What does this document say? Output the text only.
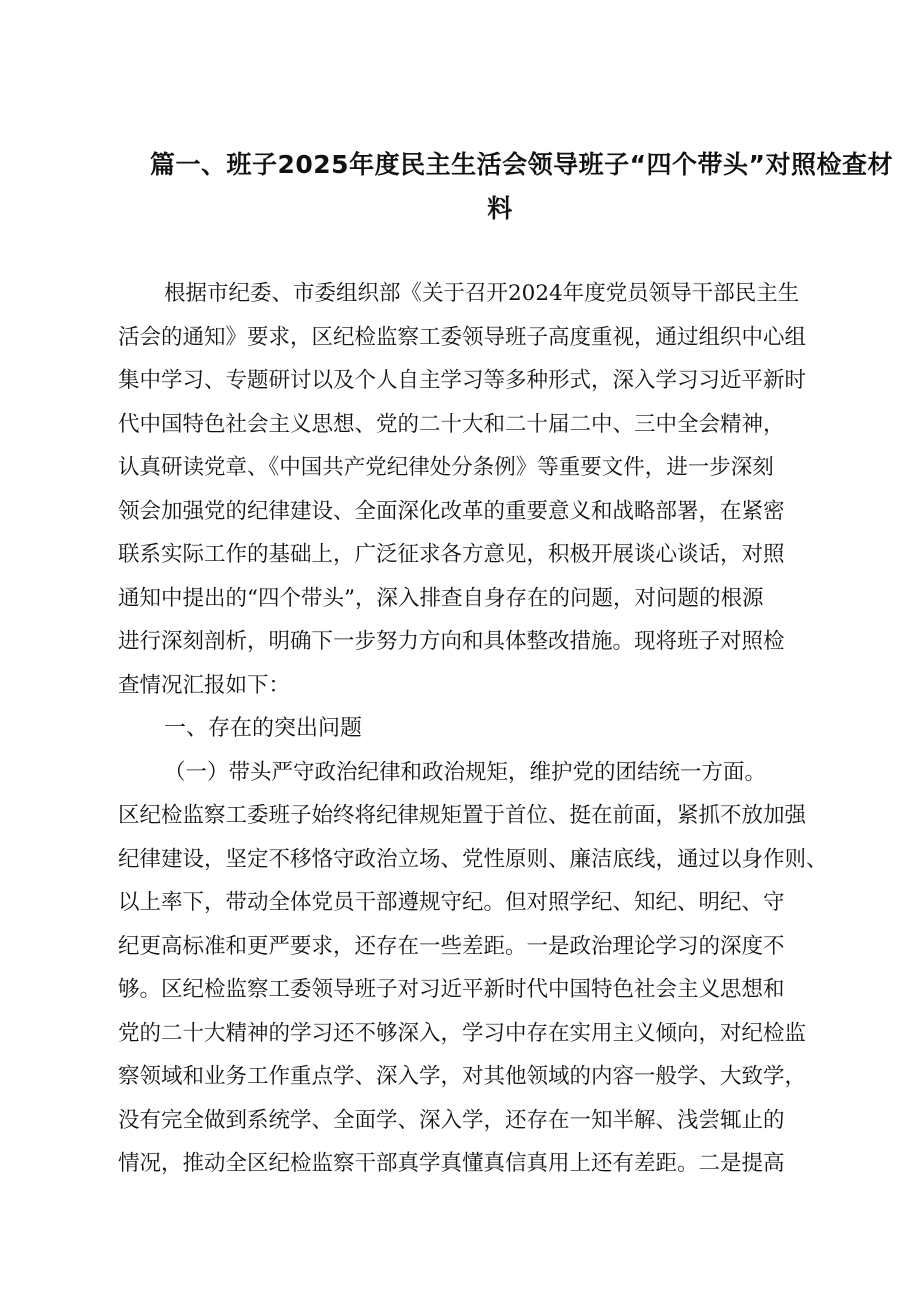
篇一、班子2025年度民主生活会领导班子“四个带头”对照检查材
料
根据市纪委、市委组织部《关于召开2024年度党员领导干部民主生
活会的通知》要求，区纪检监察工委领导班子高度重视，通过组织中心组
集中学习、专题研讨以及个人自主学习等多种形式，深入学习习近平新时
代中国特色社会主义思想、党的二十大和二十届二中、三中全会精神，
认真研读党章、《中国共产党纪律处分条例》等重要文件，进一步深刻
领会加强党的纪律建设、全面深化改革的重要意义和战略部署，在紧密
联系实际工作的基础上，广泛征求各方意见，积极开展谈心谈话，对照
通知中提出的“四个带头”，深入排查自身存在的问题，对问题的根源
进行深刻剖析，明确下一步努力方向和具体整改措施。现将班子对照检
查情况汇报如下：
一、存在的突出问题
（一）带头严守政治纪律和政治规矩，维护党的团结统一方面。
区纪检监察工委班子始终将纪律规矩置于首位、挺在前面，紧抓不放加强
纪律建设，坚定不移恪守政治立场、党性原则、廉洁底线，通过以身作则、
以上率下，带动全体党员干部遵规守纪。但对照学纪、知纪、明纪、守
纪更高标准和更严要求，还存在一些差距。一是政治理论学习的深度不
够。区纪检监察工委领导班子对习近平新时代中国特色社会主义思想和
党的二十大精神的学习还不够深入，学习中存在实用主义倾向，对纪检监
察领域和业务工作重点学、深入学，对其他领域的内容一般学、大致学，
没有完全做到系统学、全面学、深入学，还存在一知半解、浅尝辄止的
情况，推动全区纪检监察干部真学真懂真信真用上还有差距。二是提高
